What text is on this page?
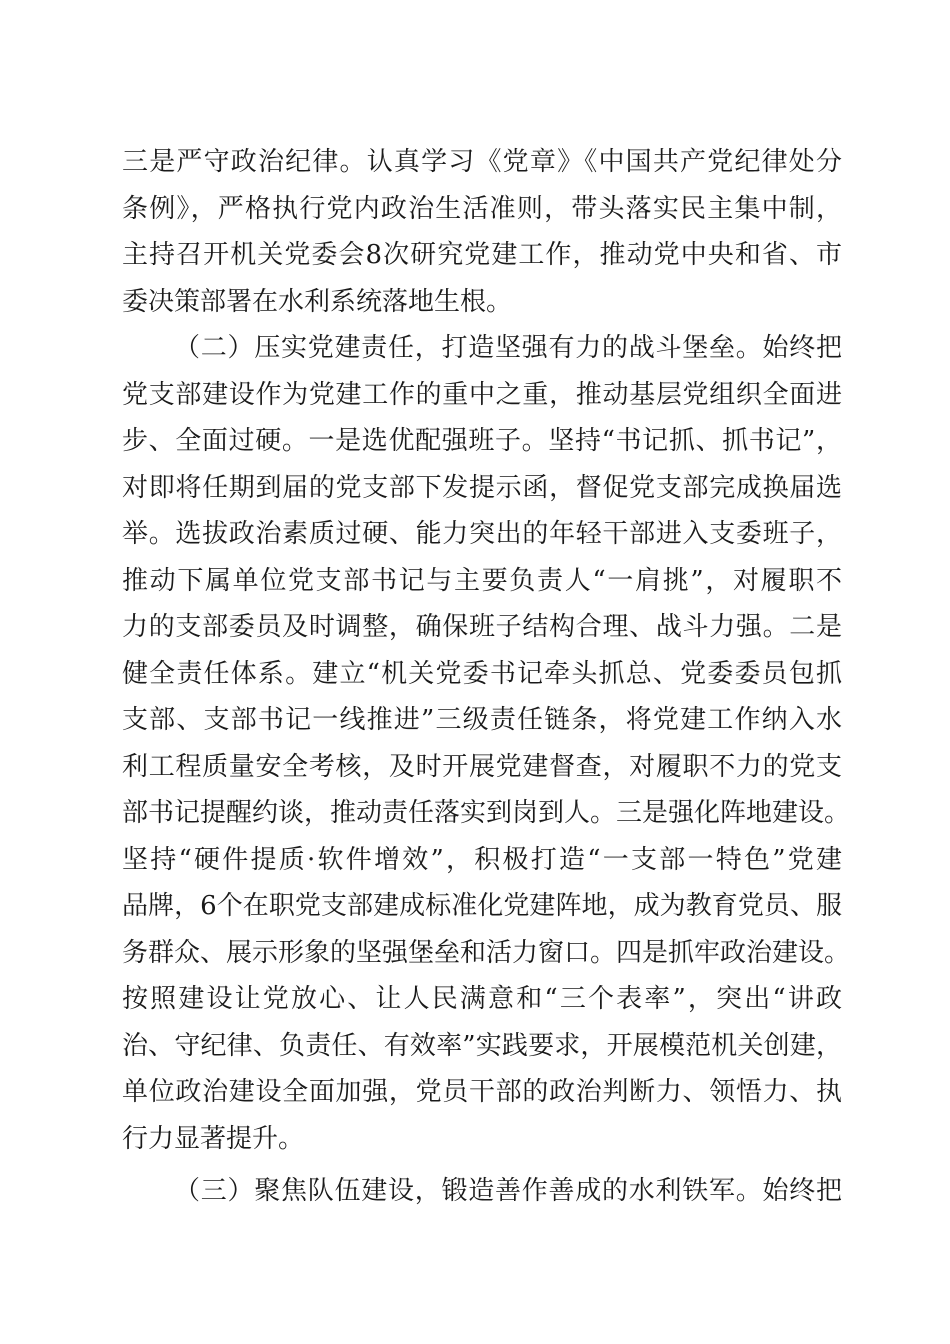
三是严守政治纪律。认真学习《党章》《中国共产党纪律处分
条例》，严格执行党内政治生活准则，带头落实民主集中制，
主持召开机关党委会8次研究党建工作，推动党中央和省、市
委决策部署在水利系统落地生根。
（二）压实党建责任，打造坚强有力的战斗堡垒。始终把
党支部建设作为党建工作的重中之重，推动基层党组织全面进
步、全面过硬。一是选优配强班子。坚持“书记抓、抓书记”，
对即将任期到届的党支部下发提示函，督促党支部完成换届选
举。选拔政治素质过硬、能力突出的年轻干部进入支委班子，
推动下属单位党支部书记与主要负责人“一肩挑”，对履职不
力的支部委员及时调整，确保班子结构合理、战斗力强。二是
健全责任体系。建立“机关党委书记牵头抓总、党委委员包抓
支部、支部书记一线推进”三级责任链条，将党建工作纳入水
利工程质量安全考核，及时开展党建督查，对履职不力的党支
部书记提醒约谈，推动责任落实到岗到人。三是强化阵地建设。
坚持“硬件提质·软件增效”，积极打造“一支部一特色”党建
品牌，6个在职党支部建成标准化党建阵地，成为教育党员、服
务群众、展示形象的坚强堡垒和活力窗口。四是抓牢政治建设。
按照建设让党放心、让人民满意和“三个表率”，突出“讲政
治、守纪律、负责任、有效率”实践要求，开展模范机关创建，
单位政治建设全面加强，党员干部的政治判断力、领悟力、执
行力显著提升。
（三）聚焦队伍建设，锻造善作善成的水利铁军。始终把
